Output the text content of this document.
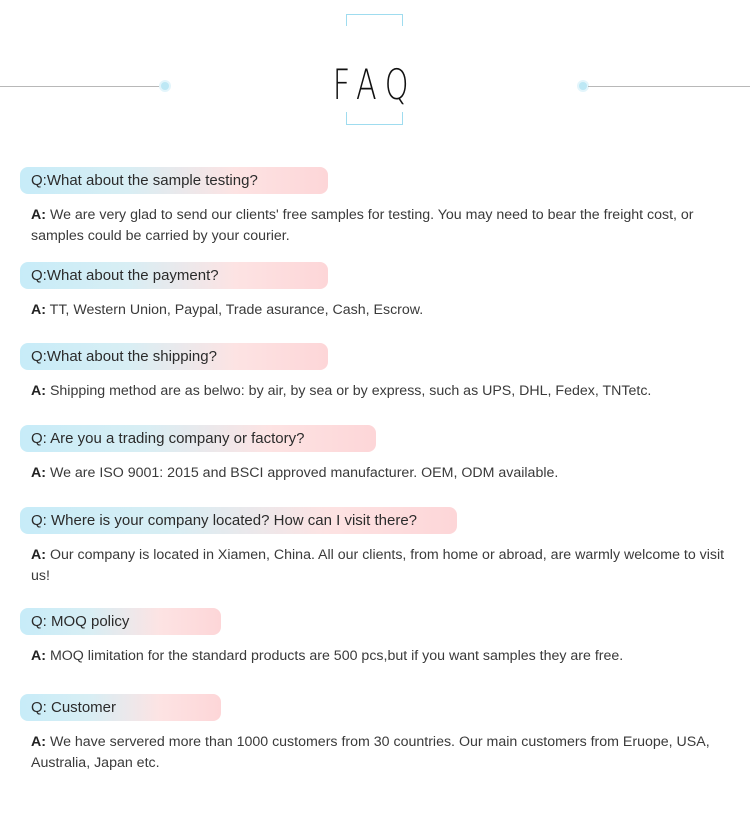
FAQ
Q:What about the sample testing?
A: We are very glad to send our clients' free samples for testing. You may need to bear the freight cost, or samples could be carried by your courier.
Q:What about the payment?
A: TT, Western Union, Paypal, Trade asurance, Cash, Escrow.
Q:What about the shipping?
A: Shipping method are as belwo: by air, by sea or by express, such as UPS, DHL, Fedex, TNTetc.
Q: Are you a trading company or factory?
A: We are ISO 9001: 2015 and BSCI approved manufacturer. OEM, ODM available.
Q: Where is your company located? How can I visit there?
A: Our company is located in Xiamen, China. All our clients, from home or abroad, are warmly welcome to visit us!
Q: MOQ policy
A: MOQ limitation for the standard products are 500 pcs,but if you want samples they are free.
Q: Customer
A: We have servered more than 1000 customers from 30 countries. Our main customers from Eruope, USA, Australia, Japan etc.
